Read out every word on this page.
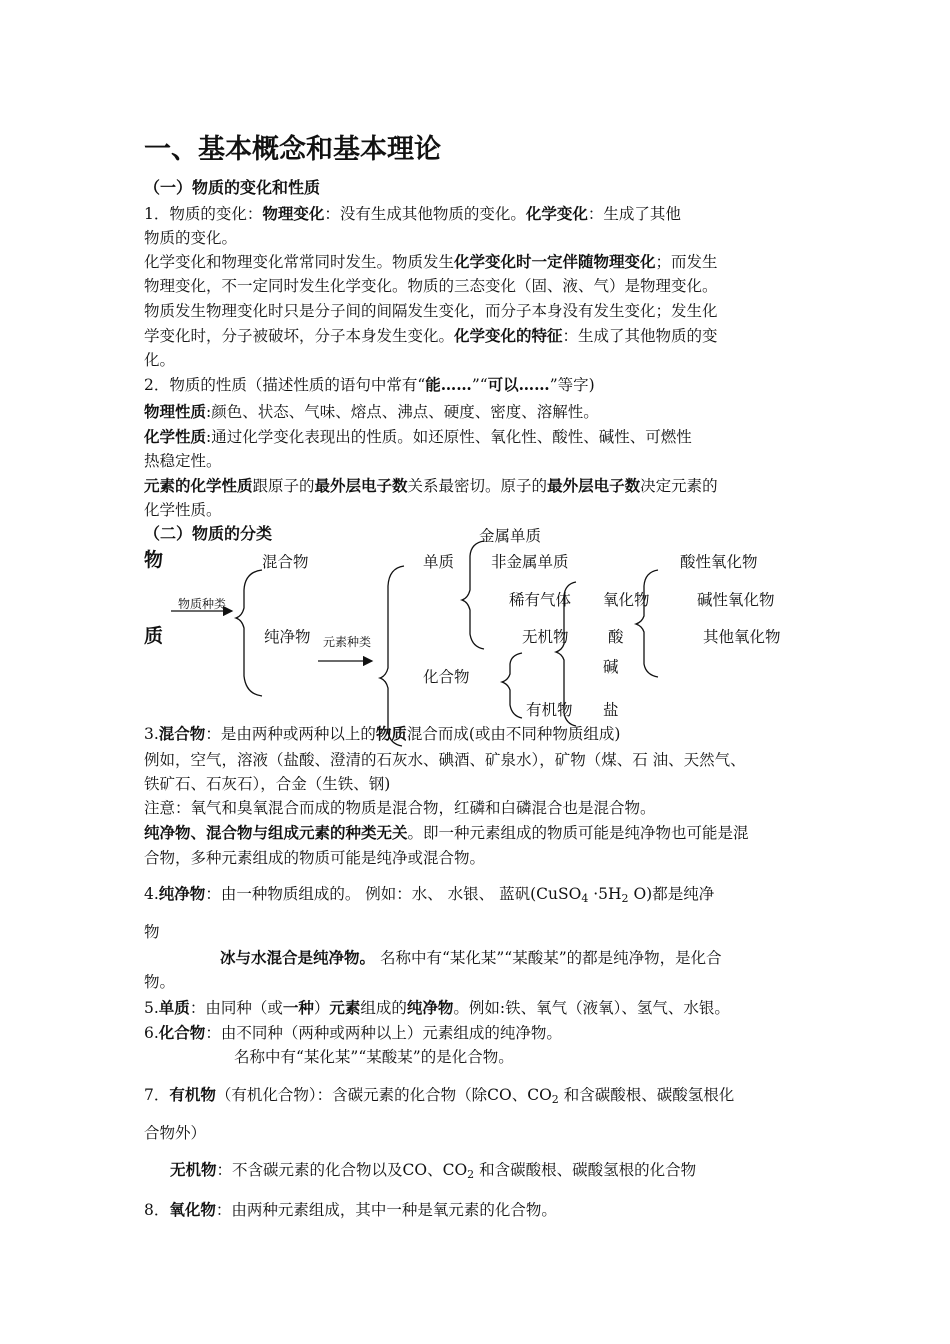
一、基本概念和基本理论
（一）物质的变化和性质
1．物质的变化：物理变化：没有生成其他物质的变化。化学变化：生成了其他
物质的变化。
化学变化和物理变化常常同时发生。物质发生化学变化时一定伴随物理变化；而发生
物理变化，不一定同时发生化学变化。物质的三态变化（固、液、气）是物理变化。
物质发生物理变化时只是分子间的间隔发生变化，而分子本身没有发生变化；发生化
学变化时，分子被破坏，分子本身发生变化。化学变化的特征：生成了其他物质的变
化。
2．物质的性质（描述性质的语句中常有“能……”“可以……”等字)
物理性质:颜色、状态、气味、熔点、沸点、硬度、密度、溶解性。
化学性质:通过化学变化表现出的性质。如还原性、氧化性、酸性、碱性、可燃性
热稳定性。
元素的化学性质跟原子的最外层电子数关系最密切。原子的最外层电子数决定元素的
化学性质。
（二）物质的分类
物
质
物质种类
元素种类
混合物
纯净物
单质
化合物
金属单质
非金属单质
稀有气体
无机物
有机物
氧化物
酸
碱
盐
酸性氧化物
碱性氧化物
其他氧化物
3.混合物：是由两种或两种以上的物质混合而成(或由不同种物质组成)
例如，空气，溶液（盐酸、澄清的石灰水、碘酒、矿泉水），矿物（煤、石 油、天然气、
铁矿石、石灰石），合金（生铁、钢)
注意：氧气和臭氧混合而成的物质是混合物，红磷和白磷混合也是混合物。
纯净物、混合物与组成元素的种类无关。即一种元素组成的物质可能是纯净物也可能是混
合物，多种元素组成的物质可能是纯净或混合物。
4.纯净物：由一种物质组成的。 例如：水、 水银、 蓝矾(CuSO$_4$ $\cdot 5H_2$ O)都是纯净
物
冰与水混合是纯净物。 名称中有“某化某”“某酸某”的都是纯净物，是化合
物。
5.单质：由同种（或一种）元素组成的纯净物。例如:铁、氧气（液氧）、氢气、水银。
6.化合物：由不同种（两种或两种以上）元素组成的纯净物。
名称中有“某化某”“某酸某”的是化合物。
7．有机物（有机化合物）：含碳元素的化合物（除CO、$CO_2$ 和含碳酸根、碳酸氢根化
合物外）
无机物：不含碳元素的化合物以及CO、$CO_2$ 和含碳酸根、碳酸氢根的化合物
8．氧化物：由两种元素组成，其中一种是氧元素的化合物。
